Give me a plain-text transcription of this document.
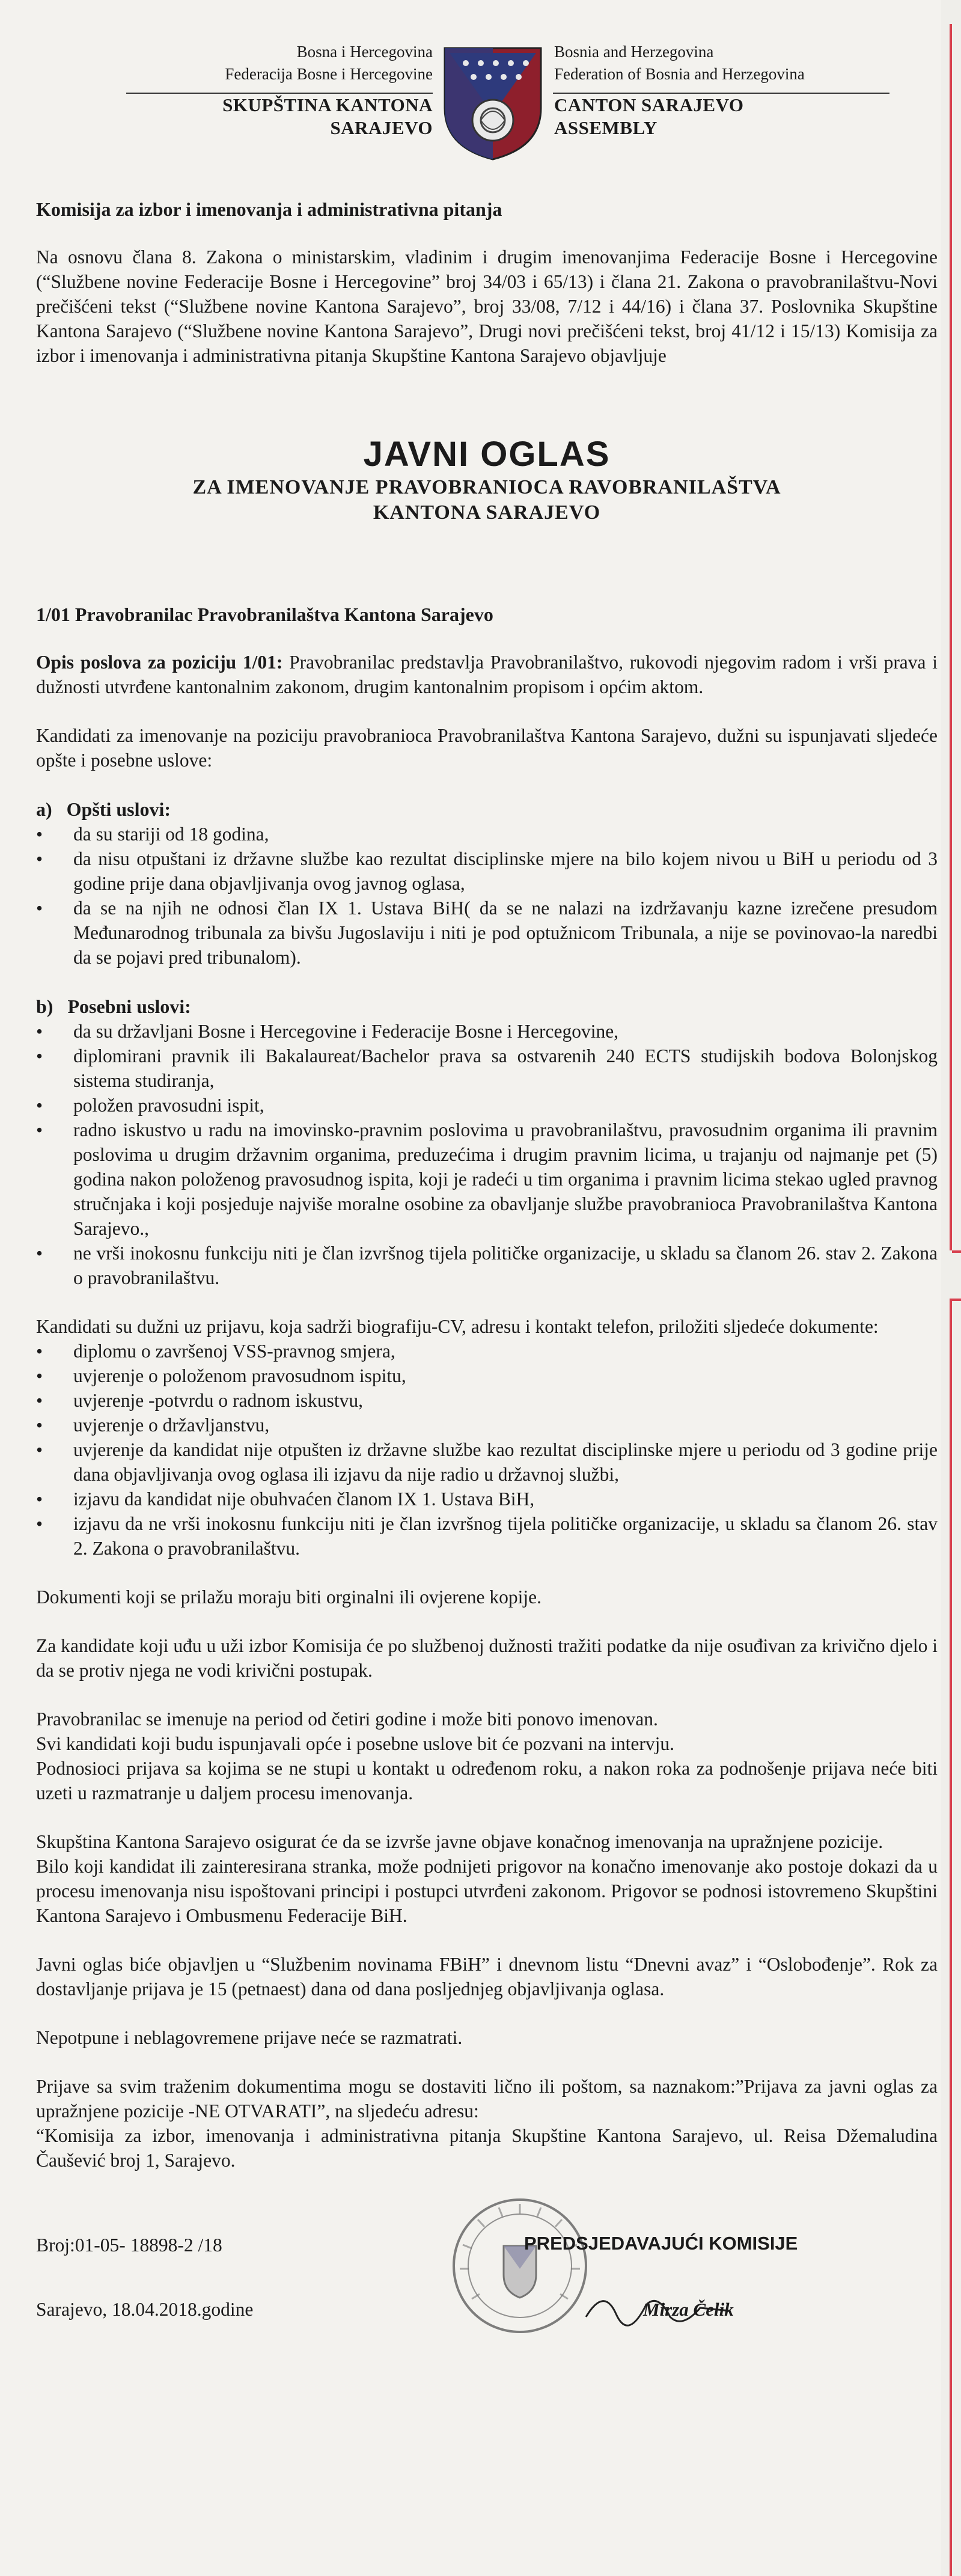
Bosna i Hercegovina
Federacija Bosne i Hercegovine
SKUPŠTINA KANTONA
SARAJEVO
Bosnia and Herzegovina
Federation of Bosnia and Herzegovina
CANTON SARAJEVO
ASSEMBLY
Komisija za izbor i imenovanja i administrativna pitanja

Na osnovu člana 8. Zakona o ministarskim, vladinim i drugim imenovanjima Federacije Bosne i Hercegovine (“Službene novine Federacije Bosne i Hercegovine” broj 34/03 i 65/13) i člana 21. Zakona o pravobranilaštvu-Novi prečišćeni tekst (“Službene novine Kantona Sarajevo”, broj 33/08, 7/12 i 44/16) i člana 37. Poslovnika Skupštine Kantona Sarajevo (“Službene novine Kantona Sarajevo”, Drugi novi prečišćeni tekst, broj 41/12 i 15/13) Komisija za izbor i imenovanja i administrativna pitanja Skupštine Kantona Sarajevo objavljuje

JAVNI OGLAS
ZA IMENOVANJE PRAVOBRANIOCA RAVOBRANILAŠTVA
KANTONA SARAJEVO
1/01 Pravobranilac Pravobranilaštva Kantona Sarajevo

Opis poslova za poziciju 1/01: Pravobranilac predstavlja Pravobranilaštvo, rukovodi njegovim radom i vrši prava i dužnosti utvrđene kantonalnim zakonom, drugim kantonalnim propisom i općim aktom.

Kandidati za imenovanje na poziciju pravobranioca Pravobranilaštva Kantona Sarajevo, dužni su ispunjavati sljedeće opšte i posebne uslove:

a) Opšti uslovi:
• da su stariji od 18 godina,
• da nisu otpuštani iz državne službe kao rezultat disciplinske mjere na bilo kojem nivou u BiH u periodu od 3 godine prije dana objavljivanja ovog javnog oglasa,
• da se na njih ne odnosi član IX 1. Ustava BiH( da se ne nalazi na izdržavanju kazne izrečene presudom Međunarodnog tribunala za bivšu Jugoslaviju i niti je pod optužnicom Tribunala, a nije se povinovao-la naredbi da se pojavi pred tribunalom).
b) Posebni uslovi:
• da su državljani Bosne i Hercegovine i Federacije Bosne i Hercegovine,
• diplomirani pravnik ili Bakalaureat/Bachelor prava sa ostvarenih 240 ECTS studijskih bodova Bolonjskog sistema studiranja,
• položen pravosudni ispit,
• radno iskustvo u radu na imovinsko-pravnim poslovima u pravobranilaštvu, pravosudnim organima ili pravnim poslovima u drugim državnim organima, preduzećima i drugim pravnim licima, u trajanju od najmanje pet (5) godina nakon položenog pravosudnog ispita, koji je radeći u tim organima i pravnim licima stekao ugled pravnog stručnjaka i koji posjeduje najviše moralne osobine za obavljanje službe pravobranioca Pravobranilaštva Kantona Sarajevo.,
• ne vrši inokosnu funkciju niti je član izvršnog tijela političke organizacije, u skladu sa članom 26. stav 2. Zakona o pravobranilaštvu.

Kandidati su dužni uz prijavu, koja sadrži biografiju-CV, adresu i kontakt telefon, priložiti sljedeće dokumente:

• diplomu o završenoj VSS-pravnog smjera,
• uvjerenje o položenom pravosudnom ispitu,
• uvjerenje -potvrdu o radnom iskustvu,
• uvjerenje o državljanstvu,
• uvjerenje da kandidat nije otpušten iz državne službe kao rezultat disciplinske mjere u periodu od 3 godine prije dana objavljivanja ovog oglasa ili izjavu da nije radio u državnoj službi,
• izjavu da kandidat nije obuhvaćen članom IX 1. Ustava BiH,
• izjavu da ne vrši inokosnu funkciju niti je član izvršnog tijela političke organizacije, u skladu sa članom 26. stav 2. Zakona o pravobranilaštvu.

Dokumenti koji se prilažu moraju biti orginalni ili ovjerene kopije.

Za kandidate koji uđu u uži izbor Komisija će po službenoj dužnosti tražiti podatke da nije osuđivan za krivično djelo i da se protiv njega ne vodi krivični postupak.

Pravobranilac se imenuje na period od četiri godine i može biti ponovo imenovan.

Svi kandidati koji budu ispunjavali opće i posebne uslove bit će pozvani na intervju.

Podnosioci prijava sa kojima se ne stupi u kontakt u određenom roku, a nakon roka za podnošenje prijava neće biti uzeti u razmatranje u daljem procesu imenovanja.

Skupština Kantona Sarajevo osigurat će da se izvrše javne objave konačnog imenovanja na upražnjene pozicije.

Bilo koji kandidat ili zainteresirana stranka, može podnijeti prigovor na konačno imenovanje ako postoje dokazi da u procesu imenovanja nisu ispoštovani principi i postupci utvrđeni zakonom. Prigovor se podnosi istovremeno Skupštini Kantona Sarajevo i Ombusmenu Federacije BiH.

Javni oglas biće objavljen u “Službenim novinama FBiH” i dnevnom listu “Dnevni avaz” i “Oslobođenje”. Rok za dostavljanje prijava je 15 (petnaest) dana od dana posljednjeg objavljivanja oglasa.

Nepotpune i neblagovremene prijave neće se razmatrati.

Prijave sa svim traženim dokumentima mogu se dostaviti lično ili poštom, sa naznakom:”Prijava za javni oglas za upražnjene pozicije -NE OTVARATI”, na sljedeću adresu:

“Komisija za izbor, imenovanja i administrativna pitanja Skupštine Kantona Sarajevo, ul. Reisa Džemaludina Čaušević broj 1, Sarajevo.

Broj:01-05- 18898-2 /18
Sarajevo, 18.04.2018.godine
PREDSJEDAVAJUĆI KOMISIJE
Mirza Čelik
